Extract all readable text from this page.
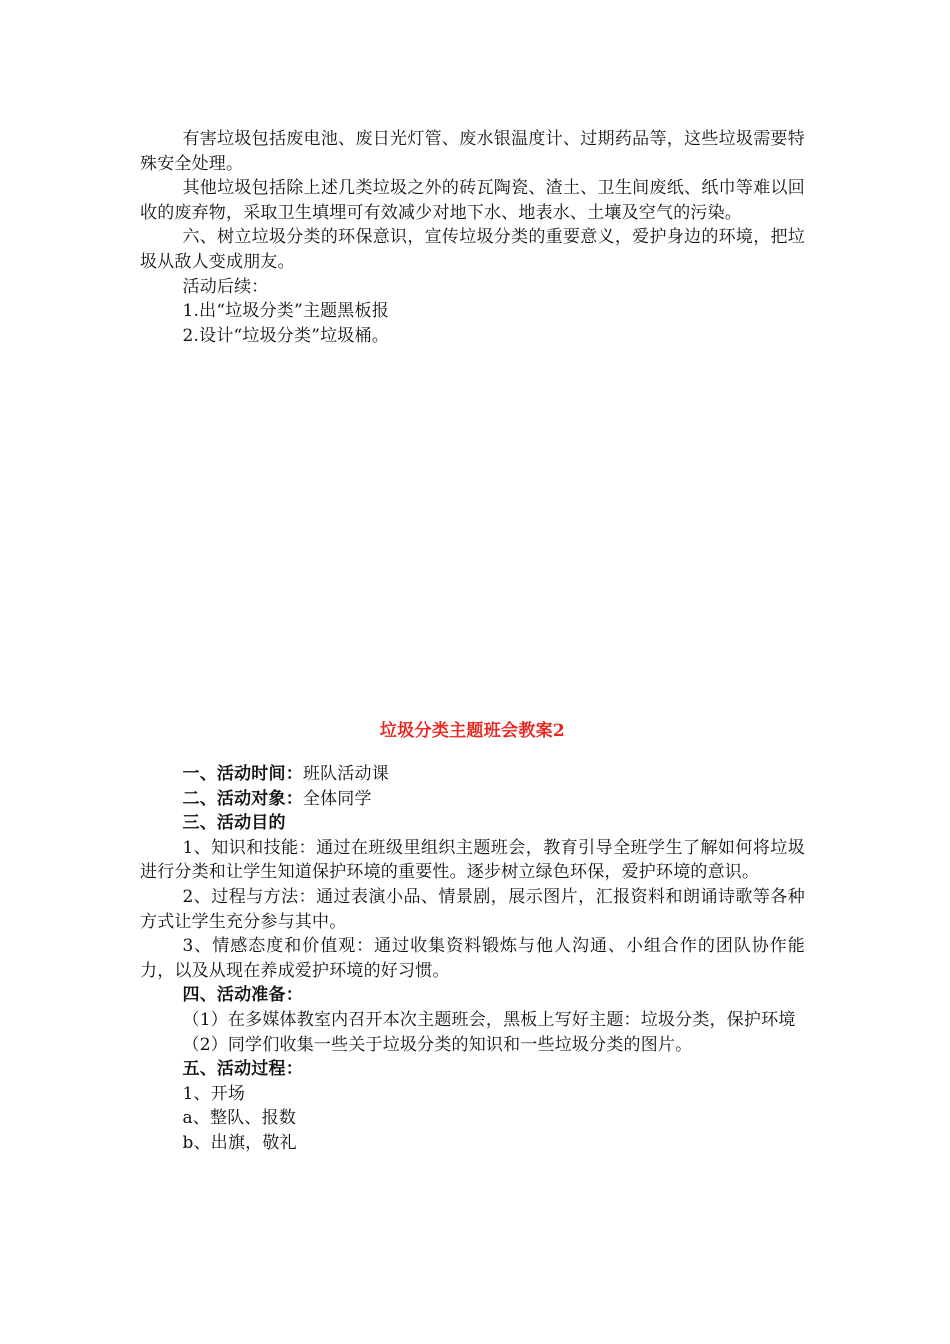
有害垃圾包括废电池、废日光灯管、废水银温度计、过期药品等，这些垃圾需要特殊安全处理。

其他垃圾包括除上述几类垃圾之外的砖瓦陶瓷、渣土、卫生间废纸、纸巾等难以回收的废弃物，采取卫生填埋可有效减少对地下水、地表水、土壤及空气的污染。

六、树立垃圾分类的环保意识，宣传垃圾分类的重要意义，爱护身边的环境，把垃圾从敌人变成朋友。

活动后续：

1.出“垃圾分类”主题黑板报

2.设计“垃圾分类”垃圾桶。

垃圾分类主题班会教案2

一、活动时间：班队活动课

二、活动对象：全体同学

三、活动目的

1、知识和技能：通过在班级里组织主题班会，教育引导全班学生了解如何将垃圾进行分类和让学生知道保护环境的重要性。逐步树立绿色环保，爱护环境的意识。

2、过程与方法：通过表演小品、情景剧，展示图片，汇报资料和朗诵诗歌等各种方式让学生充分参与其中。

3、情感态度和价值观：通过收集资料锻炼与他人沟通、小组合作的团队协作能力，以及从现在养成爱护环境的好习惯。

四、活动准备：

（1）在多媒体教室内召开本次主题班会，黑板上写好主题：垃圾分类，保护环境

（2）同学们收集一些关于垃圾分类的知识和一些垃圾分类的图片。

五、活动过程：

1、开场

a、整队、报数

b、出旗，敬礼
